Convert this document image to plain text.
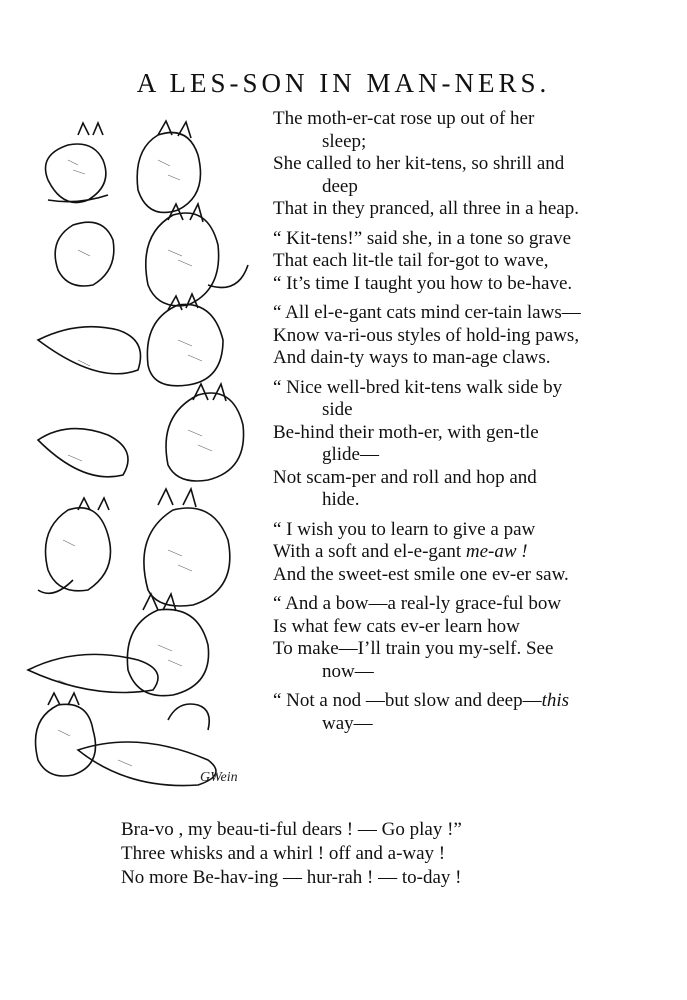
A LES-SON IN MAN-NERS.
GWein
The moth-er-cat rose up out of her
sleep;
She called to her kit-tens, so shrill and
deep
That in they pranced, all three in a heap.
“ Kit-tens!” said she, in a tone so grave
That each lit-tle tail for-got to wave,
“ It’s time I taught you how to be-have.
“ All el-e-gant cats mind cer-tain laws—
Know va-ri-ous styles of hold-ing paws,
And dain-ty ways to man-age claws.
“ Nice well-bred kit-tens walk side by
side
Be-hind their moth-er, with gen-tle
glide—
Not scam-per and roll and hop and
hide.
“ I wish you to learn to give a paw
With a soft and el-e-gant me-aw !
And the sweet-est smile one ev-er saw.
“ And a bow—a real-ly grace-ful bow
Is what few cats ev-er learn how
To make—I’ll train you my-self. See
now—
“ Not a nod —but slow and deep—this
way—
Bra-vo , my beau-ti-ful dears ! — Go play !”
Three whisks and a whirl ! off and a-way !
No more Be-hav-ing — hur-rah ! — to-day !
